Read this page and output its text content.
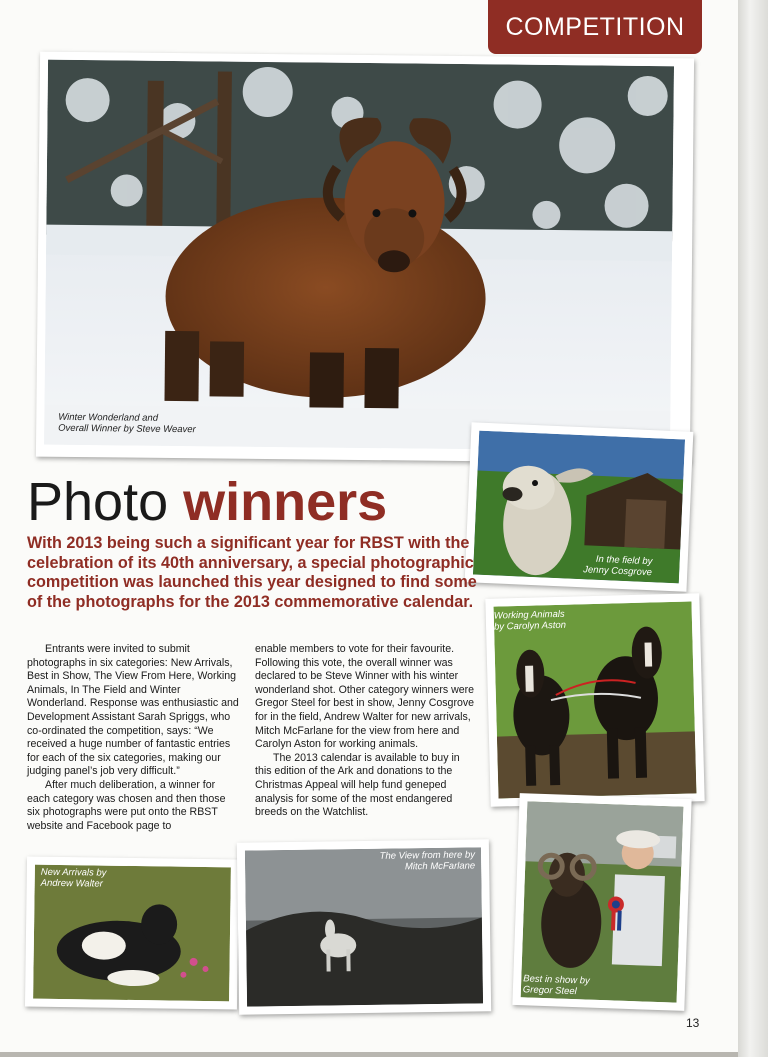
COMPETITION
Winter Wonderland and
Overall Winner by Steve Weaver
In the field by
Jenny Cosgrove
Photo winners
With 2013 being such a significant year for RBST with the celebration of its 40th anniversary, a special photographic competition was launched this year designed to find some of the photographs for the 2013 commemorative calendar.

Entrants were invited to submit photographs in six categories: New Arrivals, Best in Show, The View From Here, Working Animals, In The Field and Winter Wonderland. Response was enthusiastic and Development Assistant Sarah Spriggs, who co-ordinated the competition, says: “We received a huge number of fantastic entries for each of the six categories, making our judging panel’s job very difficult.”

After much deliberation, a winner for each category was chosen and then those six photographs were put onto the RBST website and Facebook page to

enable members to vote for their favourite. Following this vote, the overall winner was declared to be Steve Winner with his winter wonderland shot. Other category winners were Gregor Steel for best in show, Jenny Cosgrove for in the field, Andrew Walter for new arrivals, Mitch McFarlane for the view from here and Carolyn Aston for working animals.

The 2013 calendar is available to buy in this edition of the Ark and donations to the Christmas Appeal will help fund geneped analysis for some of the most endangered breeds on the Watchlist.

Working Animals
by Carolyn Aston
New Arrivals by
Andrew Walter
The View from here by
Mitch McFarlane
Best in show by
Gregor Steel
13
